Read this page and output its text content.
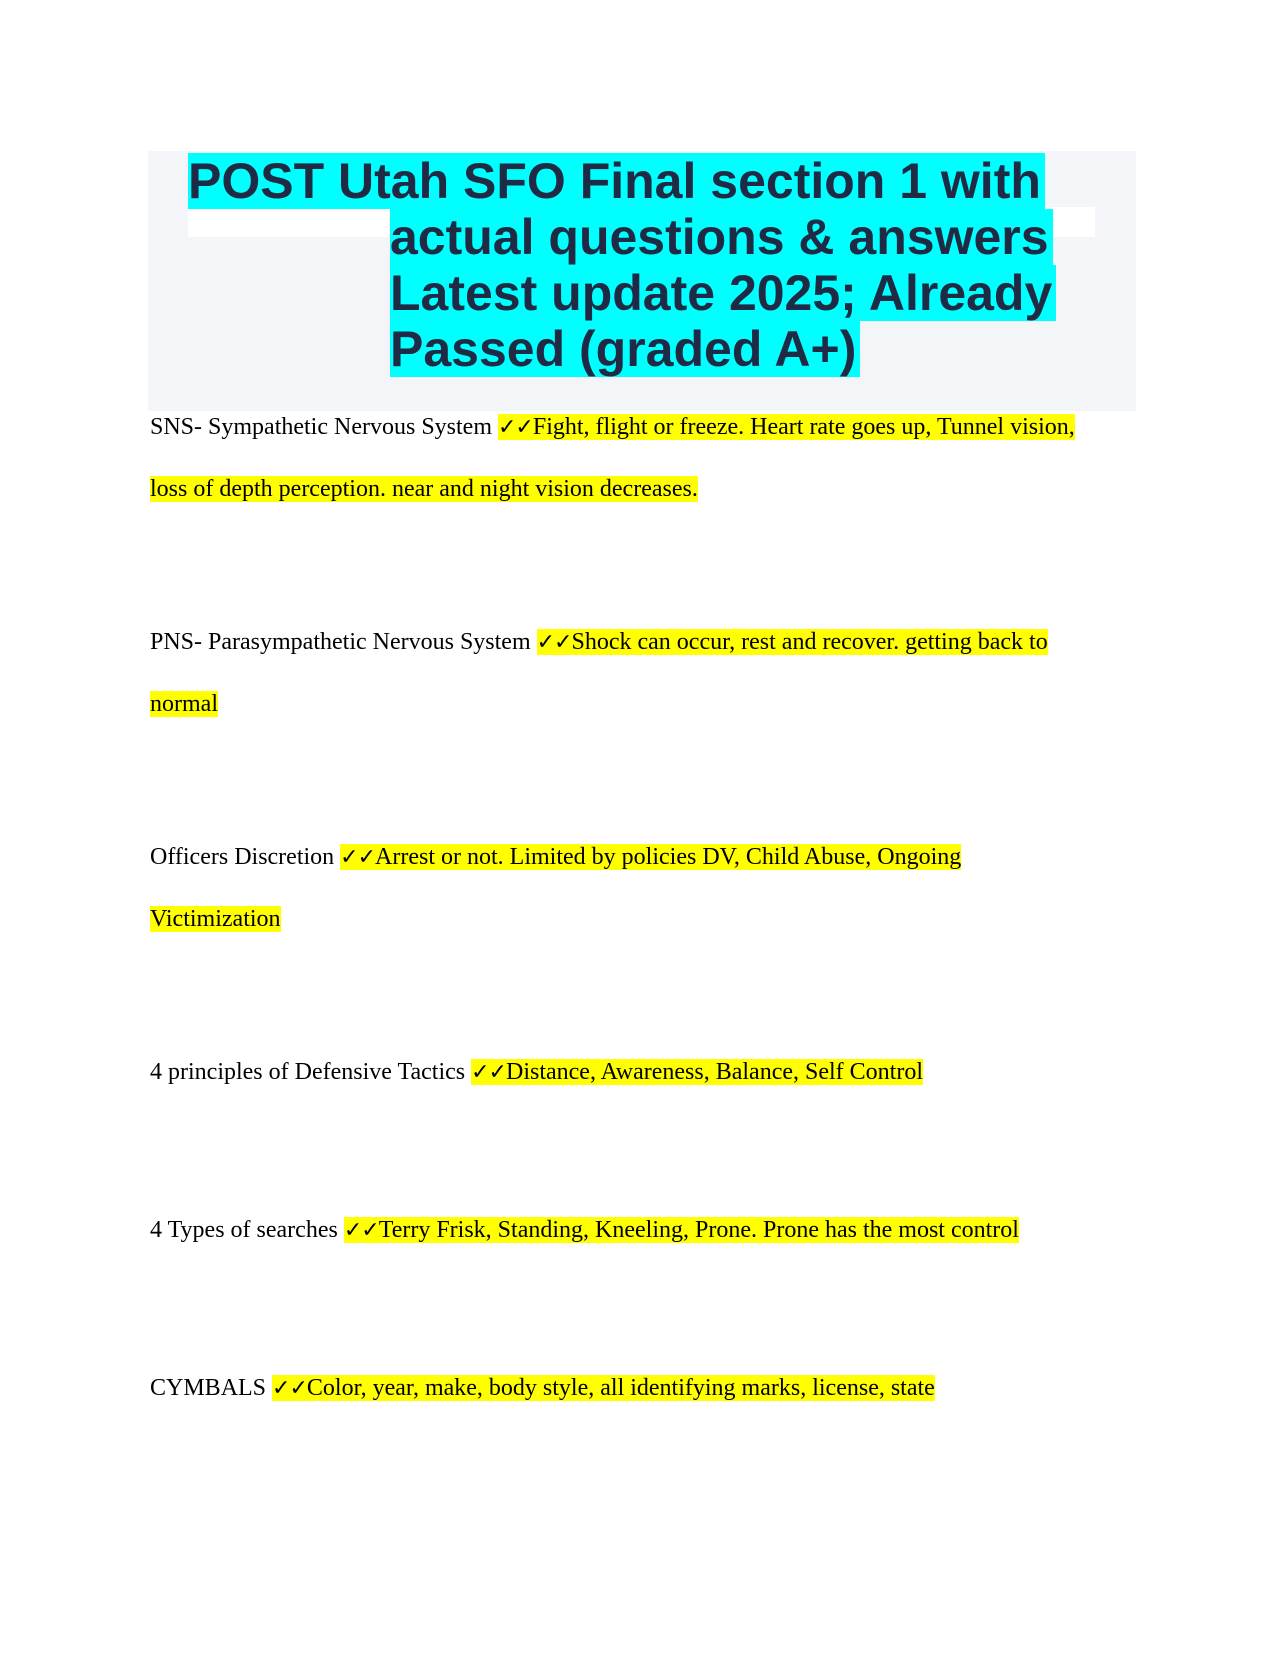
POST Utah SFO Final section 1 with
actual questions & answers
Latest update 2025; Already
Passed (graded A+)
SNS- Sympathetic Nervous System ✓✓Fight, flight or freeze. Heart rate goes up, Tunnel vision,
loss of depth perception. near and night vision decreases.
PNS- Parasympathetic Nervous System ✓✓Shock can occur, rest and recover. getting back to
normal
Officers Discretion ✓✓Arrest or not. Limited by policies DV, Child Abuse, Ongoing
Victimization
4 principles of Defensive Tactics ✓✓Distance, Awareness, Balance, Self Control
4 Types of searches ✓✓Terry Frisk, Standing, Kneeling, Prone. Prone has the most control
CYMBALS ✓✓Color, year, make, body style, all identifying marks, license, state
